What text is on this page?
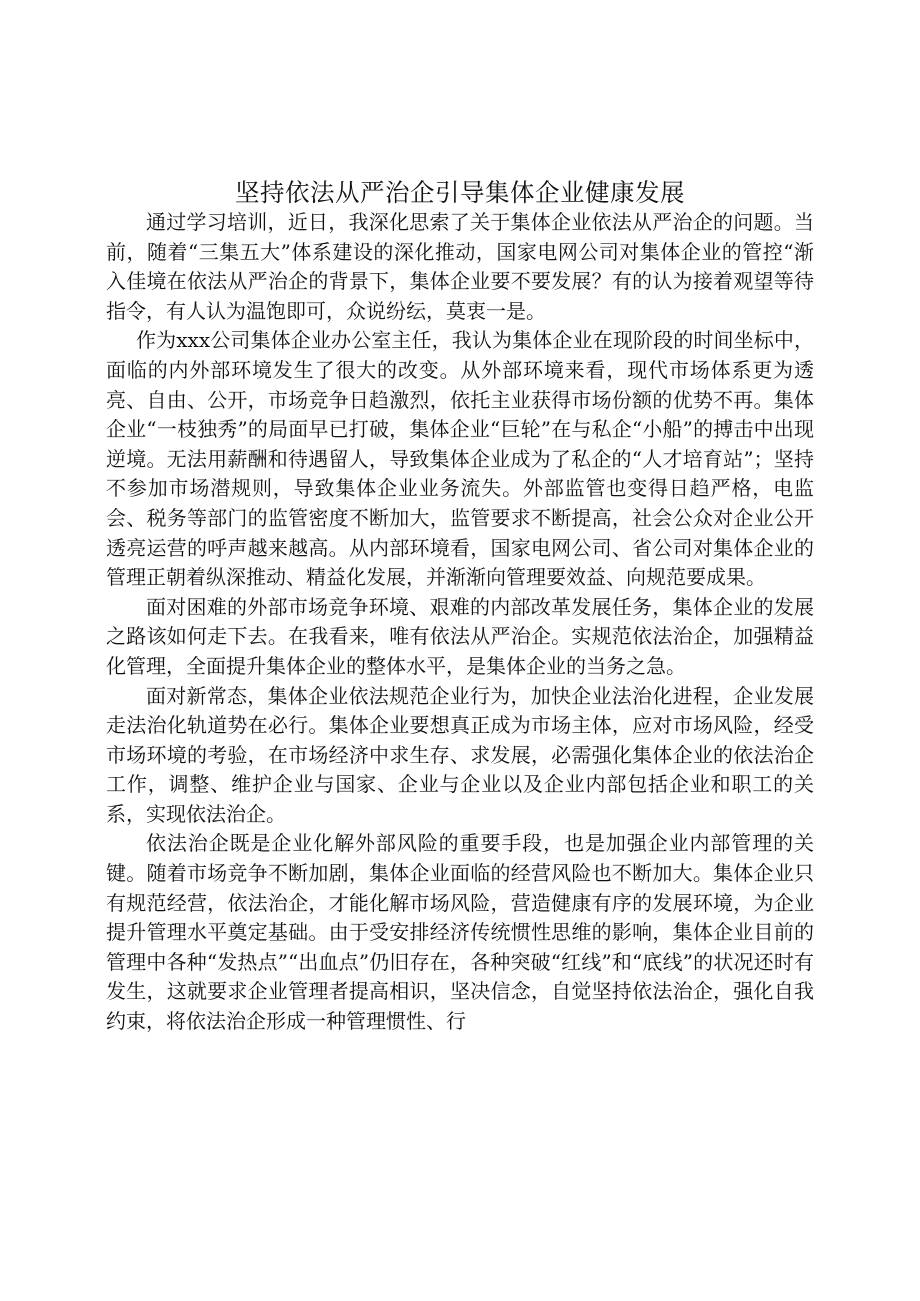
坚持依法从严治企引导集体企业健康发展

通过学习培训，近日，我深化思索了关于集体企业依法从严治企的问题。当前，随着“三集五大”体系建设的深化推动，国家电网公司对集体企业的管控“渐入佳境在依法从严治企的背景下，集体企业要不要发展？有的认为接着观望等待指令，有人认为温饱即可，众说纷纭，莫衷一是。

作为xxx公司集体企业办公室主任，我认为集体企业在现阶段的时间坐标中，面临的内外部环境发生了很大的改变。从外部环境来看，现代市场体系更为透亮、自由、公开，市场竞争日趋激烈，依托主业获得市场份额的优势不再。集体企业“一枝独秀”的局面早已打破，集体企业“巨轮”在与私企“小船”的搏击中出现逆境。无法用薪酬和待遇留人，导致集体企业成为了私企的“人才培育站”；坚持不参加市场潜规则，导致集体企业业务流失。外部监管也变得日趋严格，电监会、税务等部门的监管密度不断加大，监管要求不断提高，社会公众对企业公开透亮运营的呼声越来越高。从内部环境看，国家电网公司、省公司对集体企业的管理正朝着纵深推动、精益化发展，并渐渐向管理要效益、向规范要成果。

面对困难的外部市场竞争环境、艰难的内部改革发展任务，集体企业的发展之路该如何走下去。在我看来，唯有依法从严治企。实规范依法治企，加强精益化管理，全面提升集体企业的整体水平，是集体企业的当务之急。

面对新常态，集体企业依法规范企业行为，加快企业法治化进程，企业发展走法治化轨道势在必行。集体企业要想真正成为市场主体，应对市场风险，经受市场环境的考验，在市场经济中求生存、求发展，必需强化集体企业的依法治企工作，调整、维护企业与国家、企业与企业以及企业内部包括企业和职工的关系，实现依法治企。

依法治企既是企业化解外部风险的重要手段，也是加强企业内部管理的关键。随着市场竞争不断加剧，集体企业面临的经营风险也不断加大。集体企业只有规范经营，依法治企，才能化解市场风险，营造健康有序的发展环境，为企业提升管理水平奠定基础。由于受安排经济传统惯性思维的影响，集体企业目前的管理中各种“发热点”“出血点”仍旧存在，各种突破“红线”和“底线”的状况还时有发生，这就要求企业管理者提高相识，坚决信念，自觉坚持依法治企，强化自我约束，将依法治企形成一种管理惯性、行
